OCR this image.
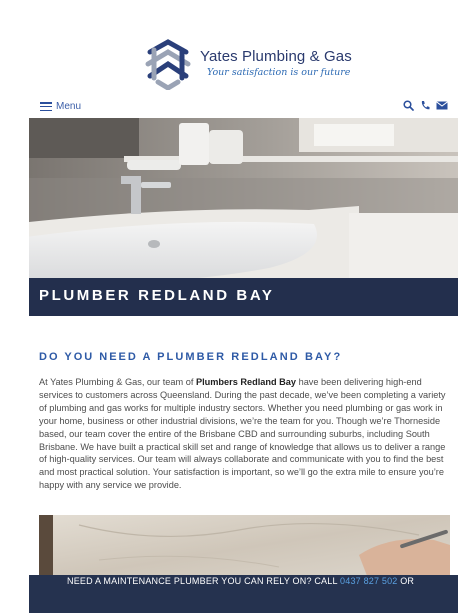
Yates Plumbing & Gas
Your satisfaction is our future
Menu
PLUMBER REDLAND BAY
DO YOU NEED A PLUMBER REDLAND BAY?

At Yates Plumbing & Gas, our team of Plumbers Redland Bay have been delivering high-end services to customers across Queensland. During the past decade, we’ve been completing a variety of plumbing and gas works for multiple industry sectors. Whether you need plumbing or gas work in your home, business or other industrial divisions, we’re the team for you. Though we’re Thorneside based, our team cover the entire of the Brisbane CBD and surrounding suburbs, including South Brisbane. We have built a practical skill set and range of knowledge that allows us to deliver a range of high-quality services. Our team will always collaborate and communicate with you to find the best and most practical solution. Your satisfaction is important, so we’ll go the extra mile to ensure you’re happy with any service we provide.

NEED A MAINTENANCE PLUMBER YOU CAN RELY ON? CALL 0437 827 502 OR
